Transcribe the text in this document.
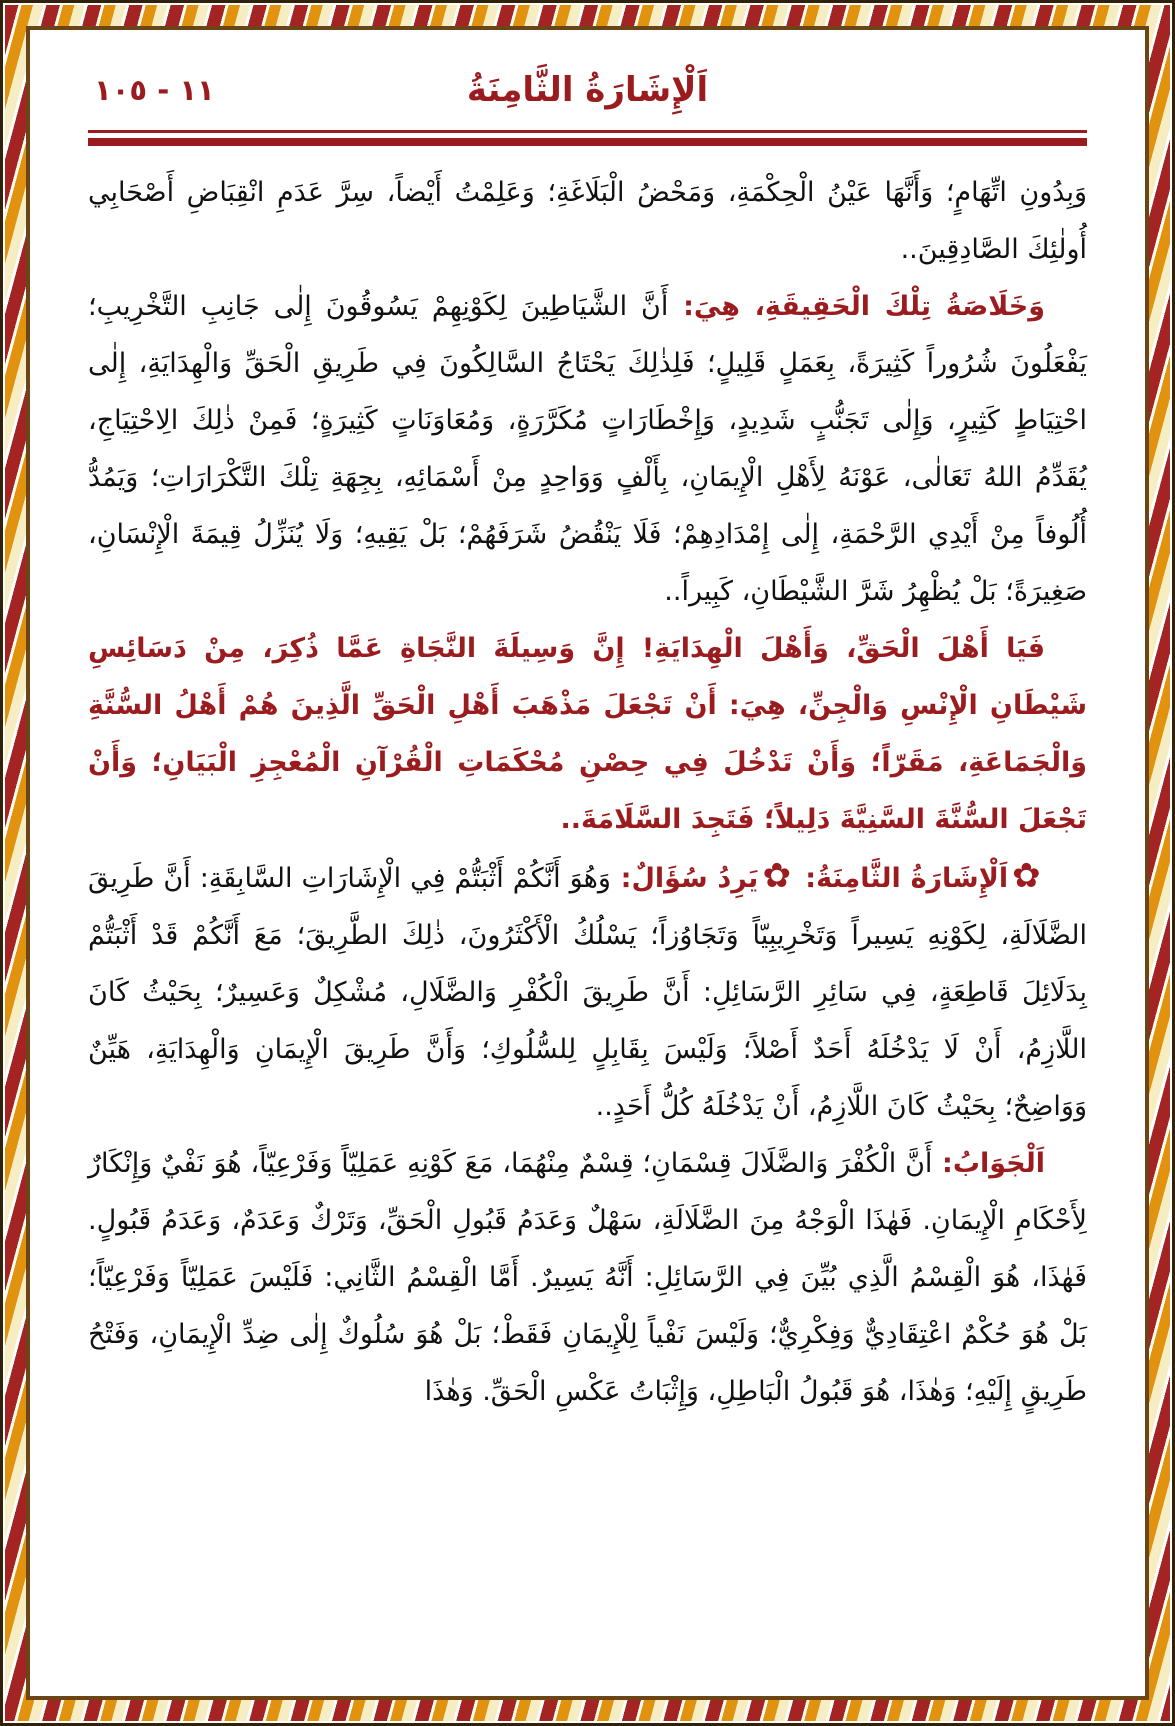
١١ - ١٠٥	اَلْإِشَارَةُ الثَّامِنَةُ

وَبِدُونِ اتِّهَامٍ؛ وَأَنَّهَا عَيْنُ الْحِكْمَةِ، وَمَحْضُ الْبَلَاغَةِ؛ وَعَلِمْتُ أَيْضاً، سِرَّ عَدَمِ انْقِبَاضِ أَصْحَابِي أُولٰئِكَ الصَّادِقِينَ..

وَخَلَاصَةُ تِلْكَ الْحَقِيقَةِ، هِيَ: أَنَّ الشَّيَاطِينَ لِكَوْنِهِمْ يَسُوقُونَ إِلٰى جَانِبِ التَّخْرِيبِ؛ يَفْعَلُونَ شُرُوراً كَثِيرَةً، بِعَمَلٍ قَلِيلٍ؛ فَلِذٰلِكَ يَحْتَاجُ السَّالِكُونَ فِي طَرِيقِ الْحَقِّ وَالْهِدَايَةِ، إِلٰى احْتِيَاطٍ كَثِيرٍ، وَإِلٰى تَجَنُّبٍ شَدِيدٍ، وَإِخْطَارَاتٍ مُكَرَّرَةٍ، وَمُعَاوَنَاتٍ كَثِيرَةٍ؛ فَمِنْ ذٰلِكَ الِاحْتِيَاجِ، يُقَدِّمُ اللهُ تَعَالٰى، عَوْنَهُ لِأَهْلِ الْإِيمَانِ، بِأَلْفٍ وَوَاحِدٍ مِنْ أَسْمَائِهِ، بِجِهَةِ تِلْكَ التَّكْرَارَاتِ؛ وَيَمُدُّ أُلُوفاً مِنْ أَيْدِي الرَّحْمَةِ، إِلٰى إِمْدَادِهِمْ؛ فَلَا يَنْقُضُ شَرَفَهُمْ؛ بَلْ يَقِيهِ؛ وَلَا يُنَزِّلُ قِيمَةَ الْإِنْسَانِ، صَغِيرَةً؛ بَلْ يُظْهِرُ شَرَّ الشَّيْطَانِ، كَبِيراً..

فَيَا أَهْلَ الْحَقِّ، وَأَهْلَ الْهِدَايَةِ! إِنَّ وَسِيلَةَ النَّجَاةِ عَمَّا ذُكِرَ، مِنْ دَسَائِسِ شَيْطَانِ الْإِنْسِ وَالْجِنِّ، هِيَ: أَنْ تَجْعَلَ مَذْهَبَ أَهْلِ الْحَقِّ الَّذِينَ هُمْ أَهْلُ السُّنَّةِ وَالْجَمَاعَةِ، مَقَرّاً؛ وَأَنْ تَدْخُلَ فِي حِصْنِ مُحْكَمَاتِ الْقُرْآنِ الْمُعْجِزِ الْبَيَانِ؛ وَأَنْ تَجْعَلَ السُّنَّةَ السَّنِيَّةَ دَلِيلاً؛ فَتَجِدَ السَّلَامَةَ..

✿اَلْإِشَارَةُ الثَّامِنَةُ: ✿يَرِدُ سُؤَالٌ: وَهُوَ أَنَّكُمْ أَثْبَتُّمْ فِي الْإِشَارَاتِ السَّابِقَةِ: أَنَّ طَرِيقَ الضَّلَالَةِ، لِكَوْنِهِ يَسِيراً وَتَخْرِيبِيّاً وَتَجَاوُزاً؛ يَسْلُكُ الْأَكْثَرُونَ، ذٰلِكَ الطَّرِيقَ؛ مَعَ أَنَّكُمْ قَدْ أَثْبَتُّمْ بِدَلَائِلَ قَاطِعَةٍ، فِي سَائِرِ الرَّسَائِلِ: أَنَّ طَرِيقَ الْكُفْرِ وَالضَّلَالِ، مُشْكِلٌ وَعَسِيرٌ؛ بِحَيْثُ كَانَ اللَّازِمُ، أَنْ لَا يَدْخُلَهُ أَحَدٌ أَصْلاً؛ وَلَيْسَ بِقَابِلٍ لِلسُّلُوكِ؛ وَأَنَّ طَرِيقَ الْإِيمَانِ وَالْهِدَايَةِ، هَيِّنٌ وَوَاضِحٌ؛ بِحَيْثُ كَانَ اللَّازِمُ، أَنْ يَدْخُلَهُ كُلُّ أَحَدٍ..

اَلْجَوَابُ: أَنَّ الْكُفْرَ وَالضَّلَالَ قِسْمَانِ؛ قِسْمٌ مِنْهُمَا، مَعَ كَوْنِهِ عَمَلِيّاً وَفَرْعِيّاً، هُوَ نَفْيٌ وَإِنْكَارٌ لِأَحْكَامِ الْإِيمَانِ. فَهٰذَا الْوَجْهُ مِنَ الضَّلَالَةِ، سَهْلٌ وَعَدَمُ قَبُولِ الْحَقِّ، وَتَرْكٌ وَعَدَمٌ، وَعَدَمُ قَبُولٍ. فَهٰذَا، هُوَ الْقِسْمُ الَّذِي بُيِّنَ فِي الرَّسَائِلِ: أَنَّهُ يَسِيرٌ. أَمَّا الْقِسْمُ الثَّانِي: فَلَيْسَ عَمَلِيّاً وَفَرْعِيّاً؛ بَلْ هُوَ حُكْمٌ اعْتِقَادِيٌّ وَفِكْرِيٌّ؛ وَلَيْسَ نَفْياً لِلْإِيمَانِ فَقَطْ؛ بَلْ هُوَ سُلُوكٌ إِلٰى ضِدِّ الْإِيمَانِ، وَفَتْحُ طَرِيقٍ إِلَيْهِ؛ وَهٰذَا، هُوَ قَبُولُ الْبَاطِلِ، وَإِثْبَاتُ عَكْسِ الْحَقِّ. وَهٰذَا
